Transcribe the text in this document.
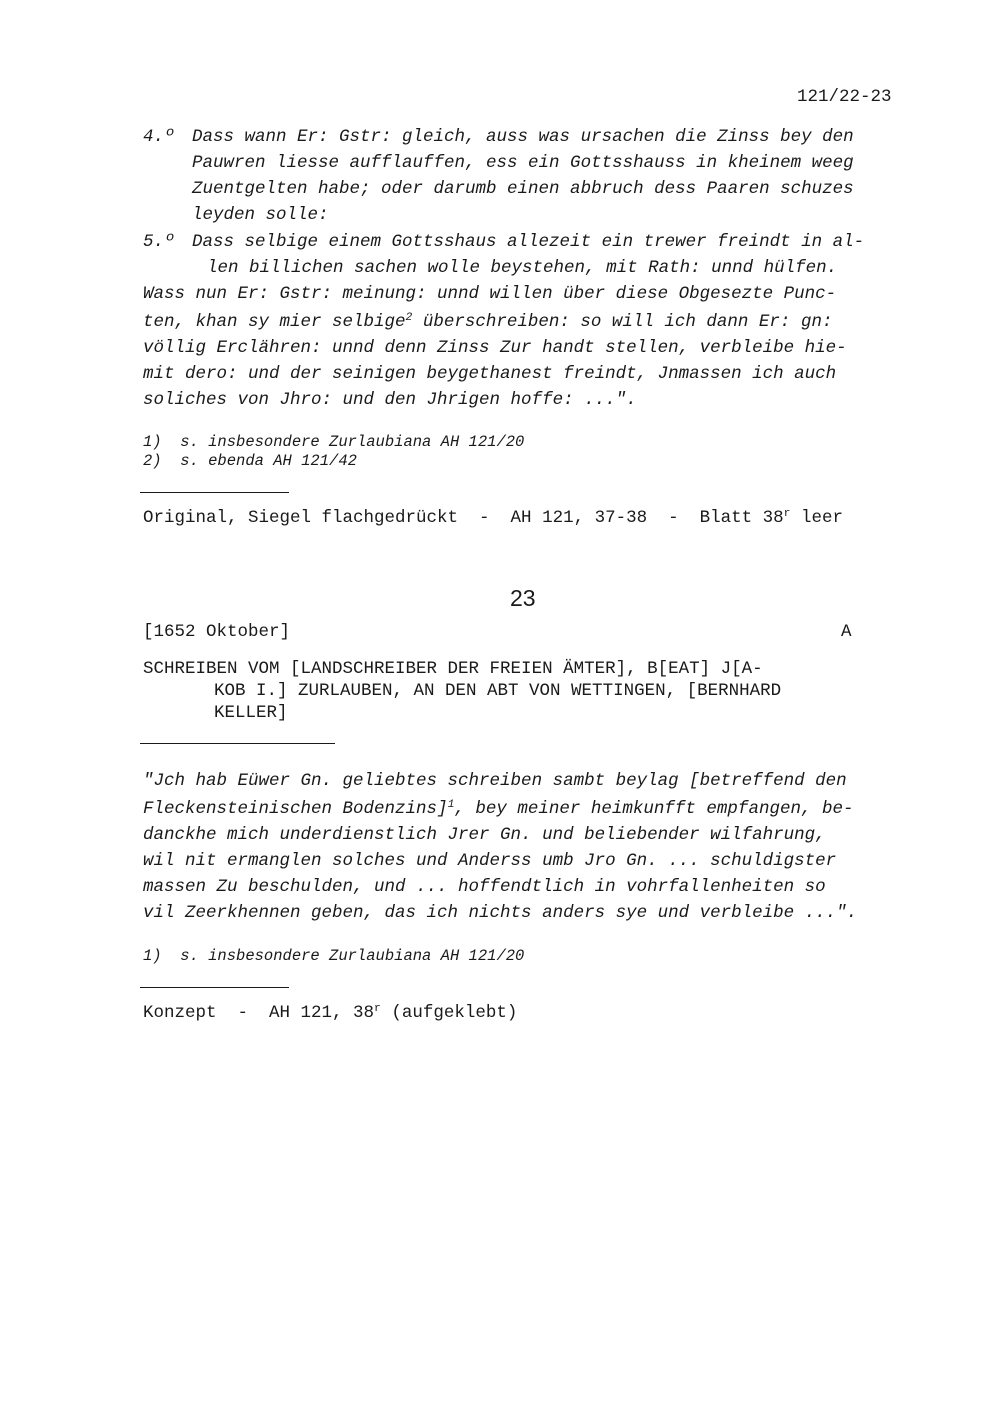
121/22-23
4.º Dass wann Er: Gstr: gleich, auss was ursachen die Zinss bey den
Pauwren liesse aufflauffen, ess ein Gottsshauss in kheinem weeg
Zuentgelten habe; oder darumb einen abbruch dess Paaren schuzes
leyden solle:
5.º Dass selbige einem Gottsshaus allezeit ein trewer freindt in al-
len billichen sachen wolle beystehen, mit Rath: unnd hülfen.
Wass nun Er: Gstr: meinung: unnd willen über diese Obgesezte Punc-
ten, khan sy mier selbige$^2$ überschreiben: so will ich dann Er: gn:
völlig Erclähren: unnd denn Zinss Zur handt stellen, verbleibe hie-
mit dero: und der seinigen beygethanest freindt, Jnmassen ich auch
soliches von Jhro: und den Jhrigen hoffe: ...".
1)  s. insbesondere Zurlaubiana AH 121/20
2)  s. ebenda AH 121/42
Original, Siegel flachgedrückt  -  AH 121, 37-38  -  Blatt 38$^r$ leer
23
[1652 Oktober]	A
SCHREIBEN VOM [LANDSCHREIBER DER FREIEN ÄMTER], B[EAT] J[A-
KOB I.] ZURLAUBEN, AN DEN ABT VON WETTINGEN, [BERNHARD
KELLER]
"Jch hab Eüwer Gn. geliebtes schreiben sambt beylag [betreffend den
Fleckensteinischen Bodenzins]$^1$, bey meiner heimkunfft empfangen, be-
danckhe mich underdienstlich Jrer Gn. und beliebender wilfahrung,
wil nit ermanglen solches und Anderss umb Jro Gn. ... schuldigster
massen Zu beschulden, und ... hoffendtlich in vohrfallenheiten so
vil Zeerkhennen geben, das ich nichts anders sye und verbleibe ...".
1)  s. insbesondere Zurlaubiana AH 121/20
Konzept  -  AH 121, 38$^r$ (aufgeklebt)
